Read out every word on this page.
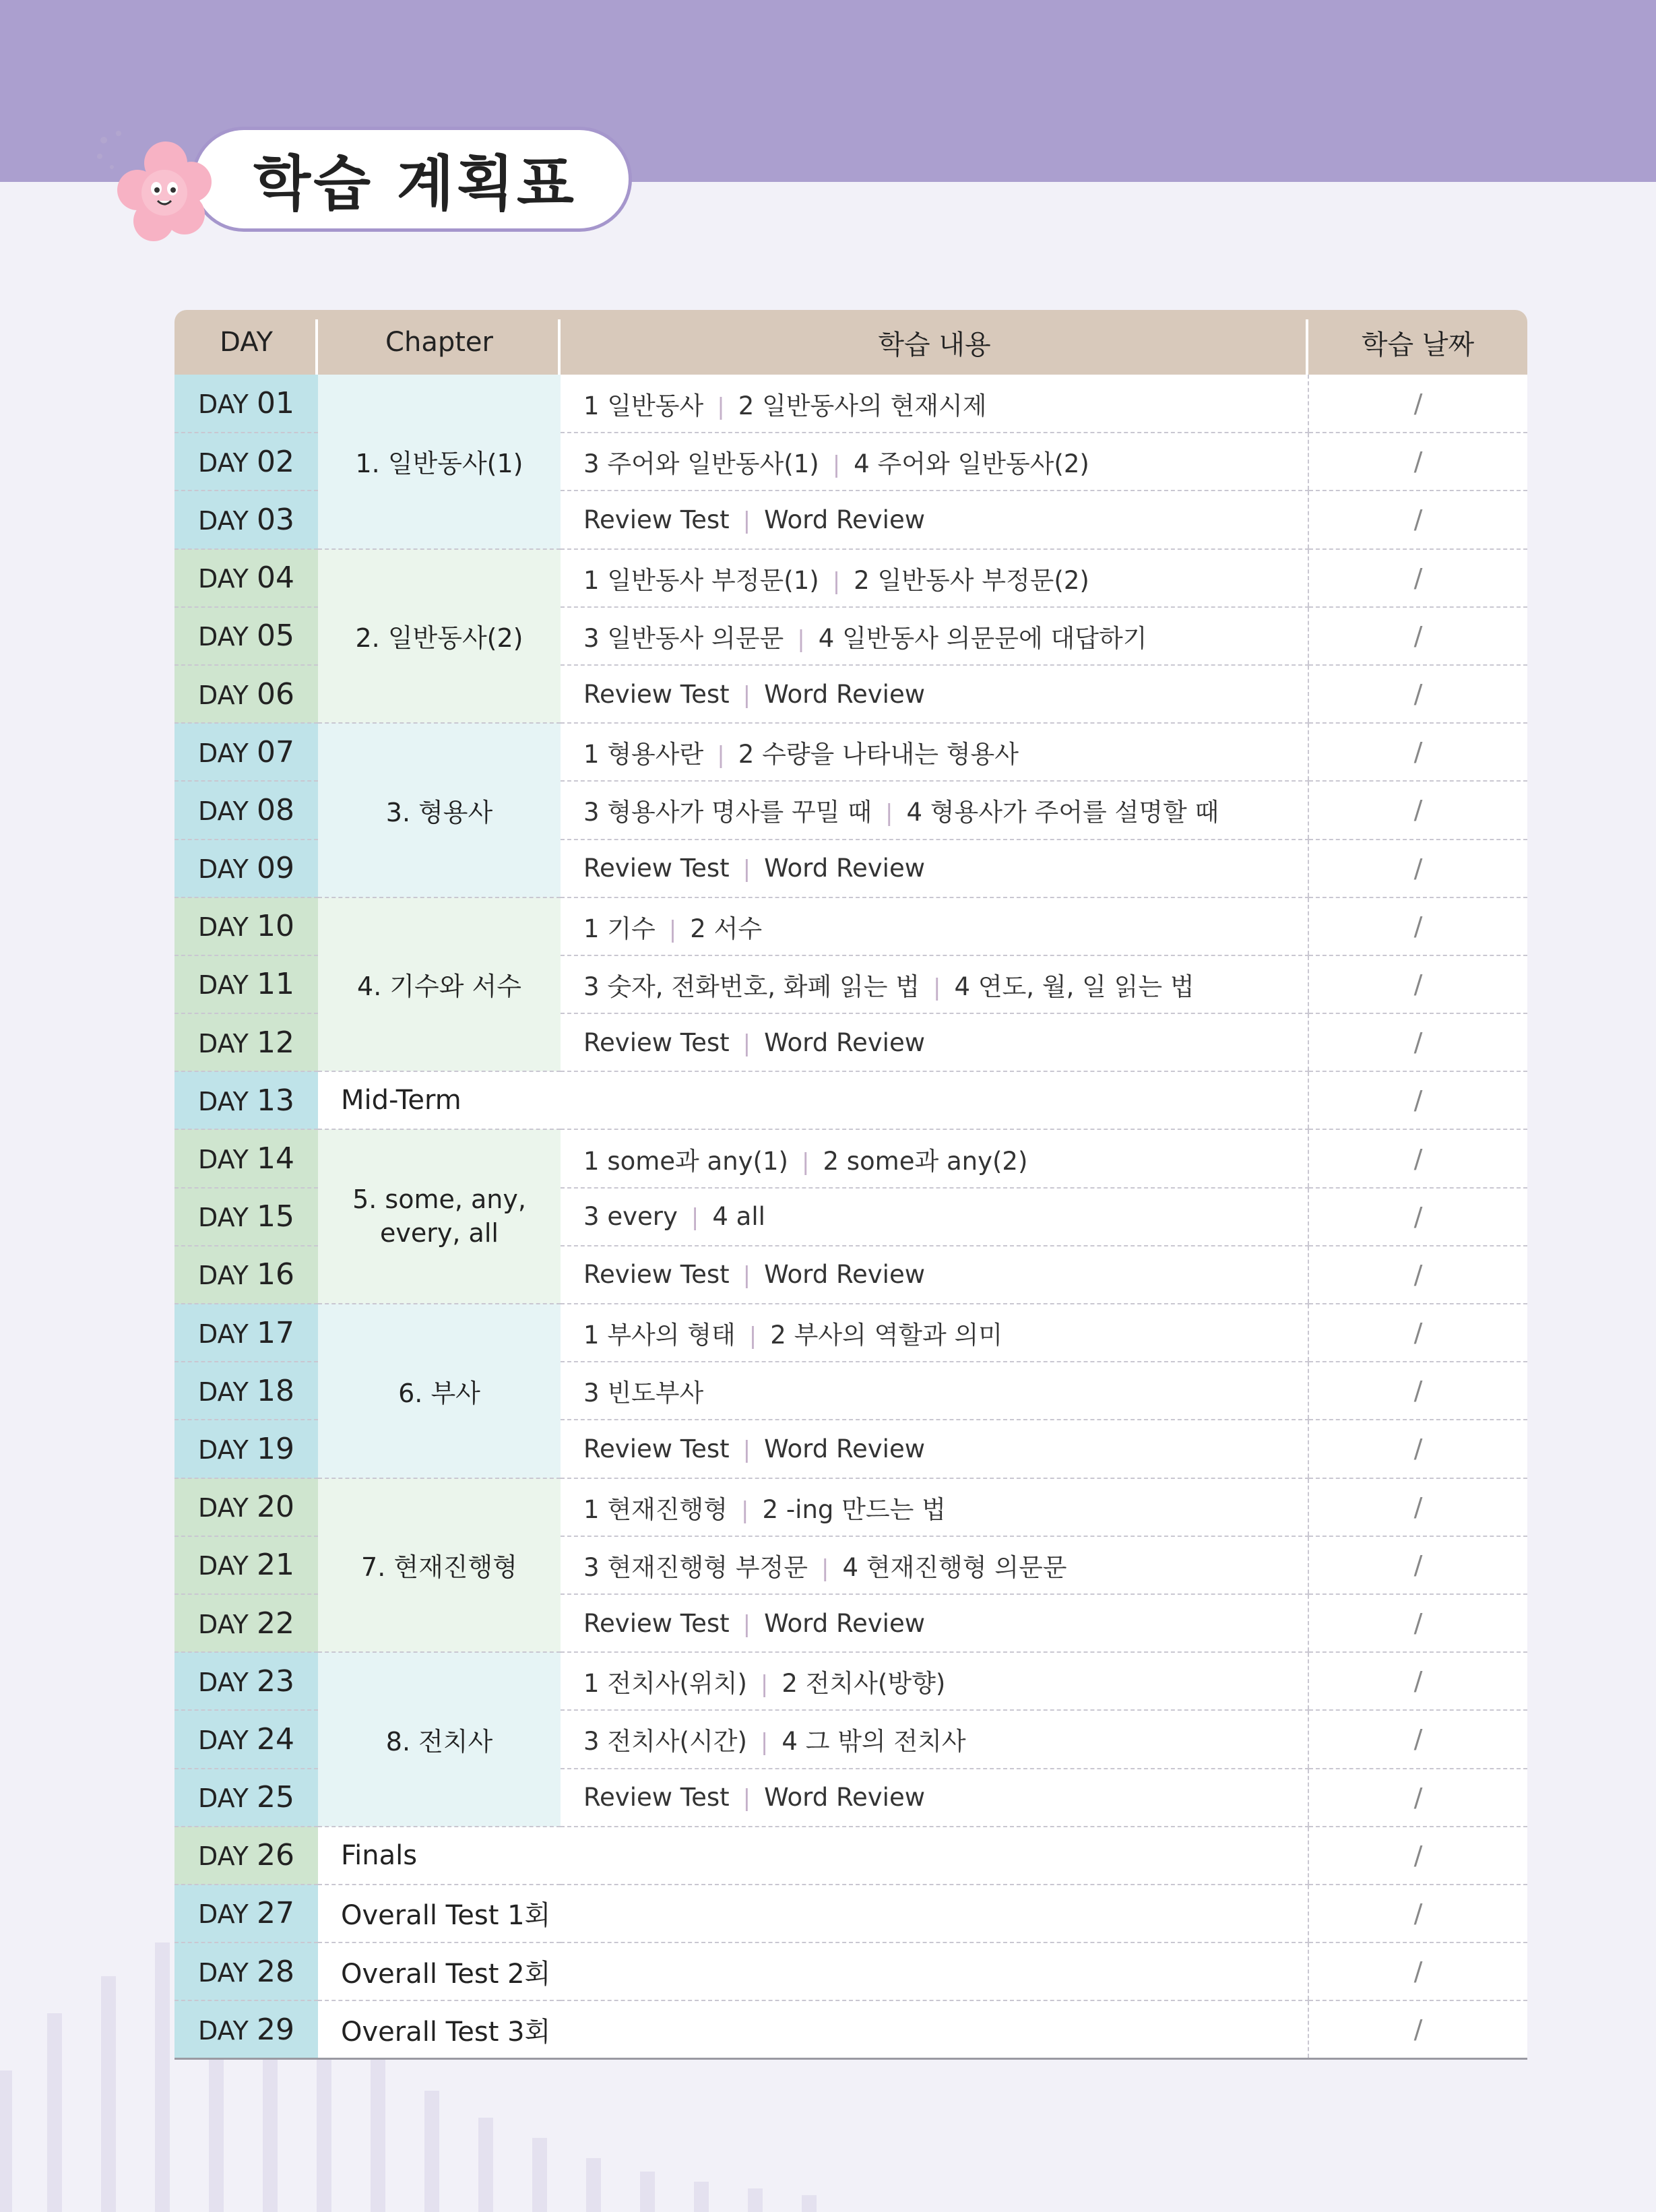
학습 계획표
DAY	Chapter	학습 내용	학습 날짜
DAY 01	1. 일반동사(1)	1 일반동사 | 2 일반동사의 현재시제	/
DAY 02		3 주어와 일반동사(1) | 4 주어와 일반동사(2)	/
DAY 03		Review Test | Word Review	/
DAY 04	2. 일반동사(2)	1 일반동사 부정문(1) | 2 일반동사 부정문(2)	/
DAY 05		3 일반동사 의문문 | 4 일반동사 의문문에 대답하기	/
DAY 06		Review Test | Word Review	/
DAY 07	3. 형용사	1 형용사란 | 2 수량을 나타내는 형용사	/
DAY 08		3 형용사가 명사를 꾸밀 때 | 4 형용사가 주어를 설명할 때	/
DAY 09		Review Test | Word Review	/
DAY 10	4. 기수와 서수	1 기수 | 2 서수	/
DAY 11		3 숫자, 전화번호, 화폐 읽는 법 | 4 연도, 월, 일 읽는 법	/
DAY 12		Review Test | Word Review	/
DAY 13	Mid-Term		/
DAY 14	5. some, any, every, all	1 some과 any(1) | 2 some과 any(2)	/
DAY 15		3 every | 4 all	/
DAY 16		Review Test | Word Review	/
DAY 17	6. 부사	1 부사의 형태 | 2 부사의 역할과 의미	/
DAY 18		3 빈도부사	/
DAY 19		Review Test | Word Review	/
DAY 20	7. 현재진행형	1 현재진행형 | 2 -ing 만드는 법	/
DAY 21		3 현재진행형 부정문 | 4 현재진행형 의문문	/
DAY 22		Review Test | Word Review	/
DAY 23	8. 전치사	1 전치사(위치) | 2 전치사(방향)	/
DAY 24		3 전치사(시간) | 4 그 밖의 전치사	/
DAY 25		Review Test | Word Review	/
DAY 26	Finals		/
DAY 27	Overall Test 1회		/
DAY 28	Overall Test 2회		/
DAY 29	Overall Test 3회		/
